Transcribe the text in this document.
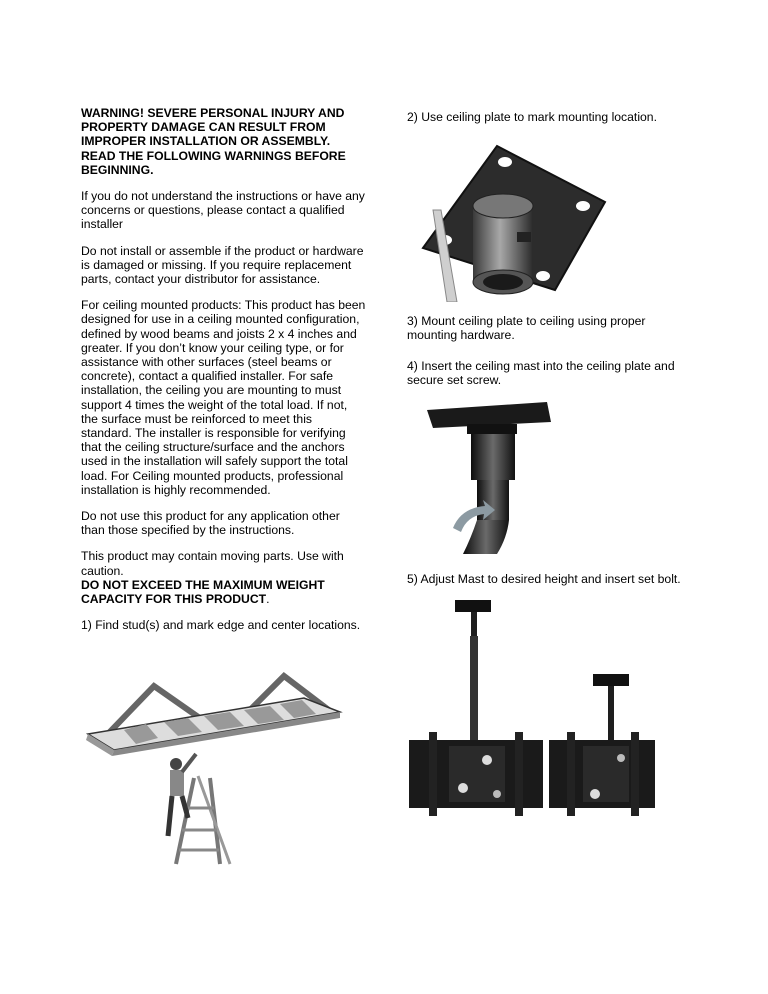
WARNING! SEVERE PERSONAL INJURY AND PROPERTY DAMAGE CAN RESULT FROM IMPROPER INSTALLATION OR ASSEMBLY. READ THE FOLLOWING WARNINGS BEFORE BEGINNING.

If you do not understand the instructions or have any concerns or questions, please contact a qualified installer

Do not install or assemble if the product or hardware is damaged or missing. If you require replacement parts, contact your distributor for assistance.

For ceiling mounted products: This product has been designed for use in a ceiling mounted configuration, defined by wood beams and joists 2 x 4 inches and greater. If you don’t know your ceiling type, or for assistance with other surfaces (steel beams or concrete), contact a qualified installer. For safe installation, the ceiling you are mounting to must support 4 times the weight of the total load. If not, the surface must be reinforced to meet this standard. The installer is responsible for verifying that the ceiling structure/surface and the anchors used in the installation will safely support the total load. For Ceiling mounted products, professional installation is highly recommended.

Do not use this product for any application other than those specified by the instructions.

This product may contain moving parts. Use with caution.
DO NOT EXCEED THE MAXIMUM WEIGHT CAPACITY FOR THIS PRODUCT.

1) Find stud(s) and mark edge and center locations.

2) Use ceiling plate to mark mounting location.

3) Mount ceiling plate to ceiling using proper mounting hardware.

4) Insert the ceiling mast into the ceiling plate and secure set screw.

5) Adjust Mast to desired height and insert set bolt.
